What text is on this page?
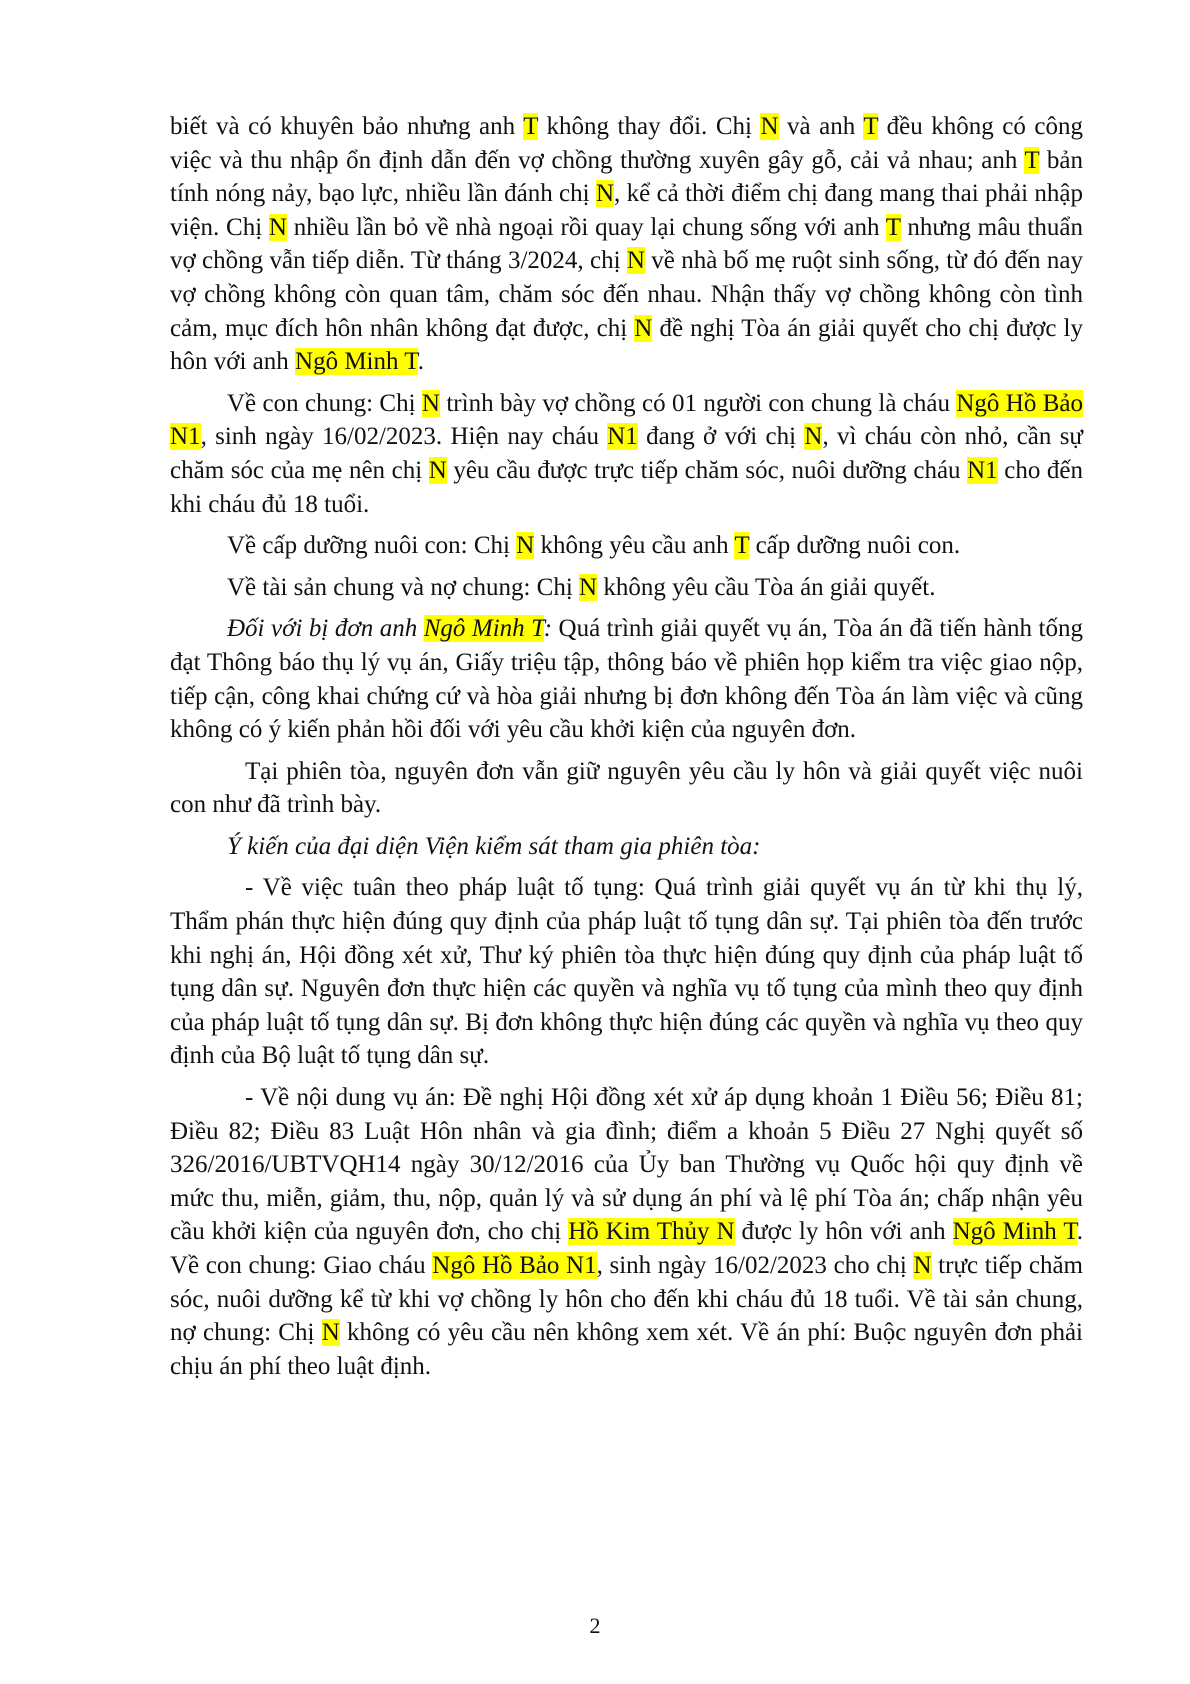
biết và có khuyên bảo nhưng anh T không thay đổi. Chị N và anh T đều không có công việc và thu nhập ổn định dẫn đến vợ chồng thường xuyên gây gỗ, cải vả nhau; anh T bản tính nóng nảy, bạo lực, nhiều lần đánh chị N, kể cả thời điểm chị đang mang thai phải nhập viện. Chị N nhiều lần bỏ về nhà ngoại rồi quay lại chung sống với anh T nhưng mâu thuẩn vợ chồng vẫn tiếp diễn. Từ tháng 3/2024, chị N về nhà bố mẹ ruột sinh sống, từ đó đến nay vợ chồng không còn quan tâm, chăm sóc đến nhau. Nhận thấy vợ chồng không còn tình cảm, mục đích hôn nhân không đạt được, chị N đề nghị Tòa án giải quyết cho chị được ly hôn với anh Ngô Minh T.

Về con chung: Chị N trình bày vợ chồng có 01 người con chung là cháu Ngô Hồ Bảo N1, sinh ngày 16/02/2023. Hiện nay cháu N1 đang ở với chị N, vì cháu còn nhỏ, cần sự chăm sóc của mẹ nên chị N yêu cầu được trực tiếp chăm sóc, nuôi dưỡng cháu N1 cho đến khi cháu đủ 18 tuổi.

Về cấp dưỡng nuôi con: Chị N không yêu cầu anh T cấp dưỡng nuôi con.

Về tài sản chung và nợ chung: Chị N không yêu cầu Tòa án giải quyết.

Đối với bị đơn anh Ngô Minh T: Quá trình giải quyết vụ án, Tòa án đã tiến hành tống đạt Thông báo thụ lý vụ án, Giấy triệu tập, thông báo về phiên họp kiểm tra việc giao nộp, tiếp cận, công khai chứng cứ và hòa giải nhưng bị đơn không đến Tòa án làm việc và cũng không có ý kiến phản hồi đối với yêu cầu khởi kiện của nguyên đơn.

Tại phiên tòa, nguyên đơn vẫn giữ nguyên yêu cầu ly hôn và giải quyết việc nuôi con như đã trình bày.

Ý kiến của đại diện Viện kiểm sát tham gia phiên tòa:

- Về việc tuân theo pháp luật tố tụng: Quá trình giải quyết vụ án từ khi thụ lý, Thẩm phán thực hiện đúng quy định của pháp luật tố tụng dân sự. Tại phiên tòa đến trước khi nghị án, Hội đồng xét xử, Thư ký phiên tòa thực hiện đúng quy định của pháp luật tố tụng dân sự. Nguyên đơn thực hiện các quyền và nghĩa vụ tố tụng của mình theo quy định của pháp luật tố tụng dân sự. Bị đơn không thực hiện đúng các quyền và nghĩa vụ theo quy định của Bộ luật tố tụng dân sự.

- Về nội dung vụ án: Đề nghị Hội đồng xét xử áp dụng khoản 1 Điều 56; Điều 81; Điều 82; Điều 83 Luật Hôn nhân và gia đình; điểm a khoản 5 Điều 27 Nghị quyết số 326/2016/UBTVQH14 ngày 30/12/2016 của Ủy ban Thường vụ Quốc hội quy định về mức thu, miễn, giảm, thu, nộp, quản lý và sử dụng án phí và lệ phí Tòa án; chấp nhận yêu cầu khởi kiện của nguyên đơn, cho chị Hồ Kim Thủy N được ly hôn với anh Ngô Minh T. Về con chung: Giao cháu Ngô Hồ Bảo N1, sinh ngày 16/02/2023 cho chị N trực tiếp chăm sóc, nuôi dưỡng kể từ khi vợ chồng ly hôn cho đến khi cháu đủ 18 tuổi. Về tài sản chung, nợ chung: Chị N không có yêu cầu nên không xem xét. Về án phí: Buộc nguyên đơn phải chịu án phí theo luật định.

2
